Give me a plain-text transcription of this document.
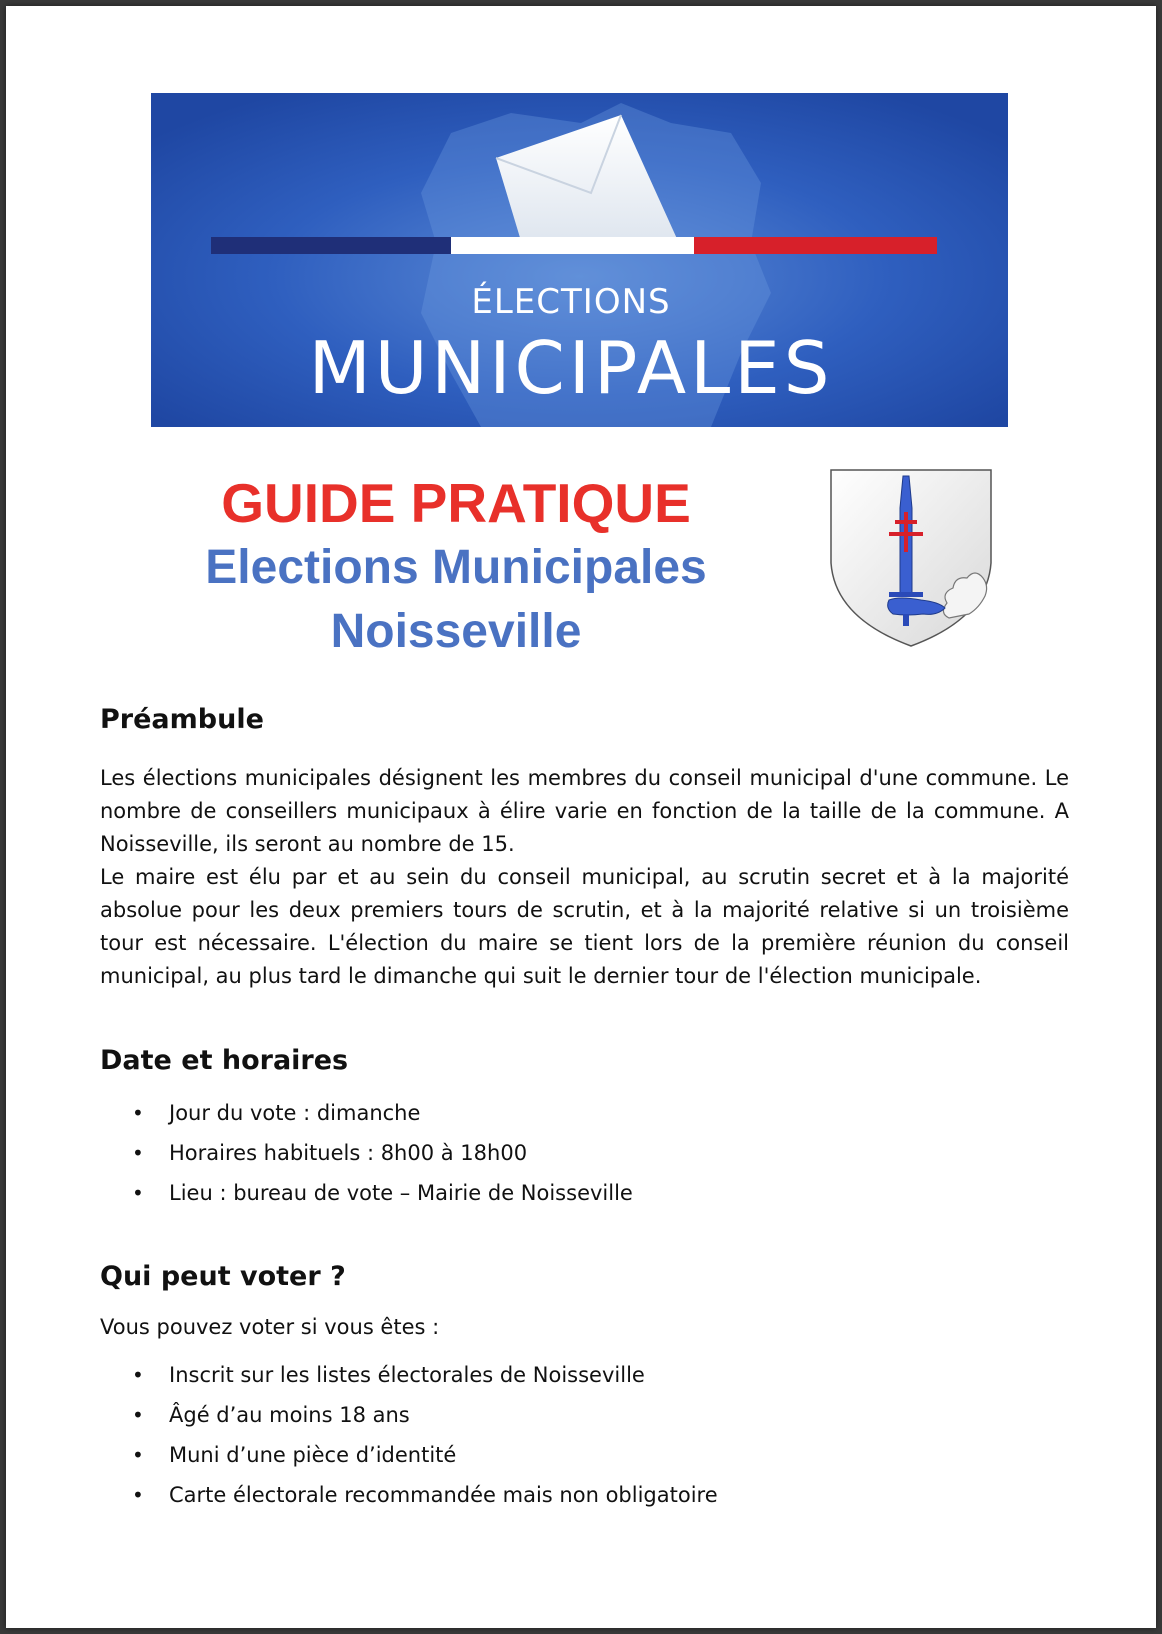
ÉLECTIONS
MUNICIPALES
GUIDE PRATIQUE
Elections Municipales
Noisseville
Préambule

Les élections municipales désignent les membres du conseil municipal d'une commune. Le nombre de conseillers municipaux à élire varie en fonction de la taille de la commune. A Noisseville, ils seront au nombre de 15.

Le maire est élu par et au sein du conseil municipal, au scrutin secret et à la majorité absolue pour les deux premiers tours de scrutin, et à la majorité relative si un troisième tour est nécessaire. L'élection du maire se tient lors de la première réunion du conseil municipal, au plus tard le dimanche qui suit le dernier tour de l'élection municipale.

Date et horaires
• Jour du vote : dimanche
• Horaires habituels : 8h00 à 18h00
• Lieu : bureau de vote – Mairie de Noisseville
Qui peut voter ?

Vous pouvez voter si vous êtes :

• Inscrit sur les listes électorales de Noisseville
• Âgé d’au moins 18 ans
• Muni d’une pièce d’identité
• Carte électorale recommandée mais non obligatoire
